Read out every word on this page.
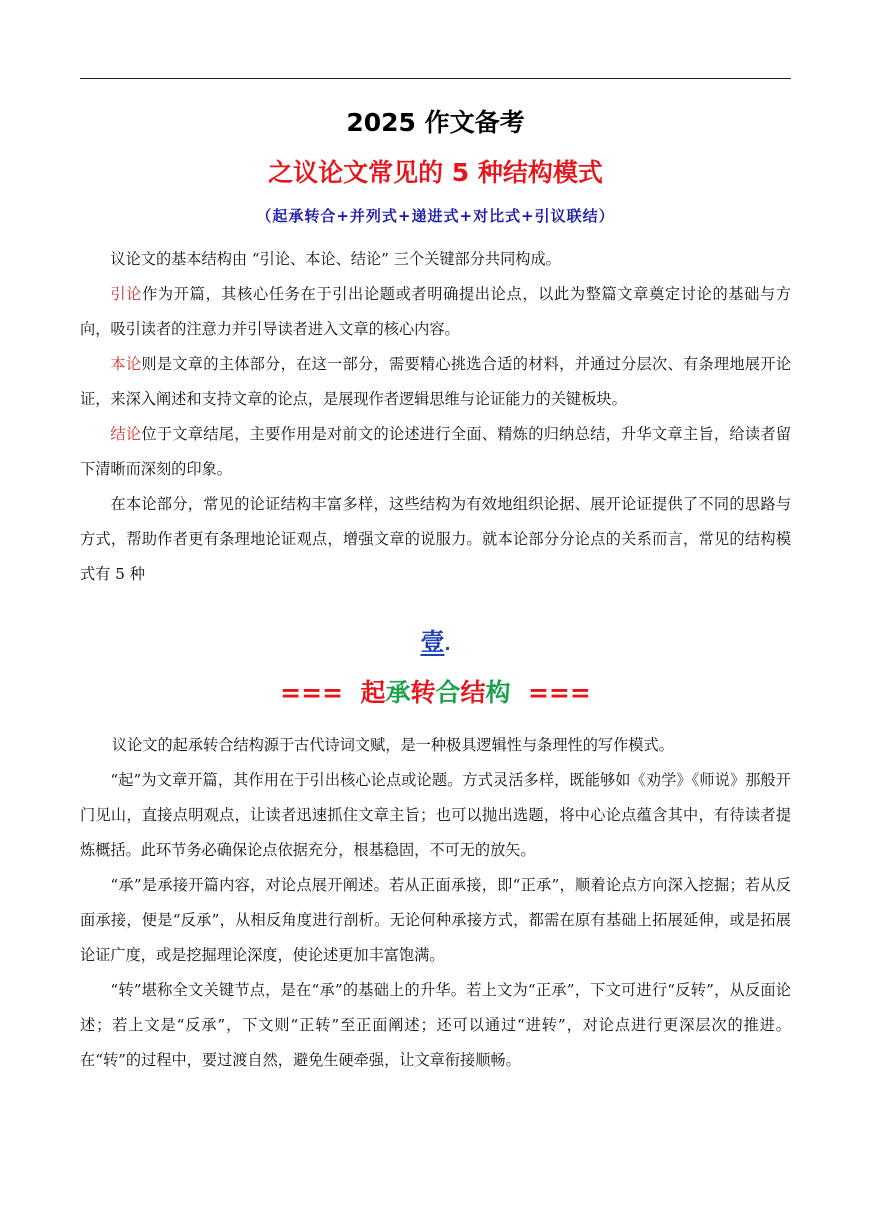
2025 作文备考
之议论文常见的 5 种结构模式
（起承转合+并列式+递进式+对比式+引议联结）

议论文的基本结构由 “引论、本论、结论” 三个关键部分共同构成。

引论作为开篇，其核心任务在于引出论题或者明确提出论点，以此为整篇文章奠定讨论的基础与方向，吸引读者的注意力并引导读者进入文章的核心内容。

本论则是文章的主体部分，在这一部分，需要精心挑选合适的材料，并通过分层次、有条理地展开论证，来深入阐述和支持文章的论点，是展现作者逻辑思维与论证能力的关键板块。

结论位于文章结尾，主要作用是对前文的论述进行全面、精炼的归纳总结，升华文章主旨，给读者留下清晰而深刻的印象。

在本论部分，常见的论证结构丰富多样，这些结构为有效地组织论据、展开论证提供了不同的思路与方式，帮助作者更有条理地论证观点，增强文章的说服力。就本论部分分论点的关系而言，常见的结构模式有 5 种

壹.
=== 起承转合结构 ===

议论文的起承转合结构源于古代诗词文赋，是一种极具逻辑性与条理性的写作模式。

“起”为文章开篇，其作用在于引出核心论点或论题。方式灵活多样，既能够如《劝学》《师说》那般开门见山，直接点明观点，让读者迅速抓住文章主旨；也可以抛出选题，将中心论点蕴含其中，有待读者提炼概括。此环节务必确保论点依据充分，根基稳固，不可无的放矢。

“承”是承接开篇内容，对论点展开阐述。若从正面承接，即“正承”，顺着论点方向深入挖掘；若从反面承接，便是“反承”，从相反角度进行剖析。无论何种承接方式，都需在原有基础上拓展延伸，或是拓展论证广度，或是挖掘理论深度，使论述更加丰富饱满。

“转”堪称全文关键节点，是在“承”的基础上的升华。若上文为“正承”，下文可进行“反转”，从反面论述；若上文是“反承”，下文则“正转”至正面阐述；还可以通过“进转”，对论点进行更深层次的推进。在“转”的过程中，要过渡自然，避免生硬牵强，让文章衔接顺畅。
